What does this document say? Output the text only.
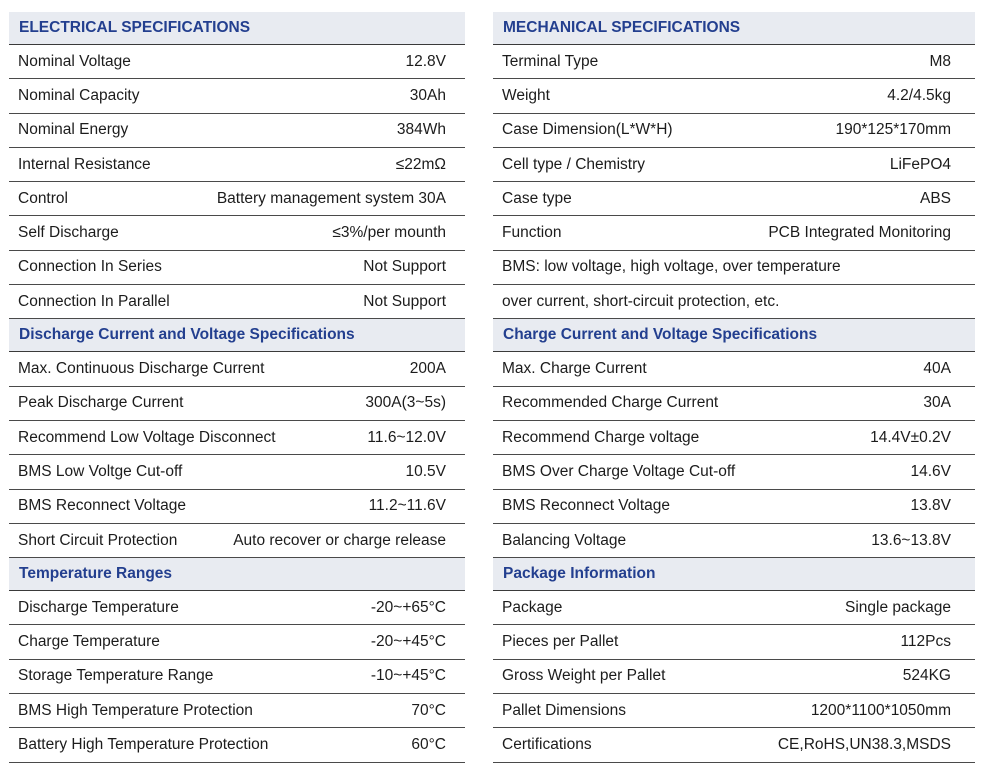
ELECTRICAL SPECIFICATIONS
Nominal Voltage	12.8V
Nominal Capacity	30Ah
Nominal Energy	384Wh
Internal Resistance	≤22mΩ
Control	Battery management system 30A
Self Discharge	≤3%/per mounth
Connection In Series	Not Support
Connection In Parallel	Not Support
Discharge Current and Voltage Specifications
Max. Continuous Discharge Current	200A
Peak Discharge Current	300A(3~5s)
Recommend Low Voltage Disconnect	11.6~12.0V
BMS Low Voltge Cut-off	10.5V
BMS Reconnect Voltage	11.2~11.6V
Short Circuit Protection	Auto recover or charge release
Temperature Ranges
Discharge Temperature	-20~+65°C
Charge Temperature	-20~+45°C
Storage Temperature Range	-10~+45°C
BMS High Temperature Protection	70°C
Battery High Temperature Protection	60°C
MECHANICAL SPECIFICATIONS
Terminal Type	M8
Weight	4.2/4.5kg
Case Dimension(L*W*H)	190*125*170mm
Cell type / Chemistry	LiFePO4
Case type	ABS
Function	PCB Integrated Monitoring
BMS: low voltage, high voltage, over temperature
over current, short-circuit protection, etc.
Charge Current and Voltage Specifications
Max. Charge Current	40A
Recommended Charge Current	30A
Recommend Charge voltage	14.4V±0.2V
BMS Over Charge Voltage Cut-off	14.6V
BMS Reconnect Voltage	13.8V
Balancing Voltage	13.6~13.8V
Package Information
Package	Single package
Pieces per Pallet	112Pcs
Gross Weight per Pallet	524KG
Pallet Dimensions	1200*1100*1050mm
Certifications	CE,RoHS,UN38.3,MSDS
